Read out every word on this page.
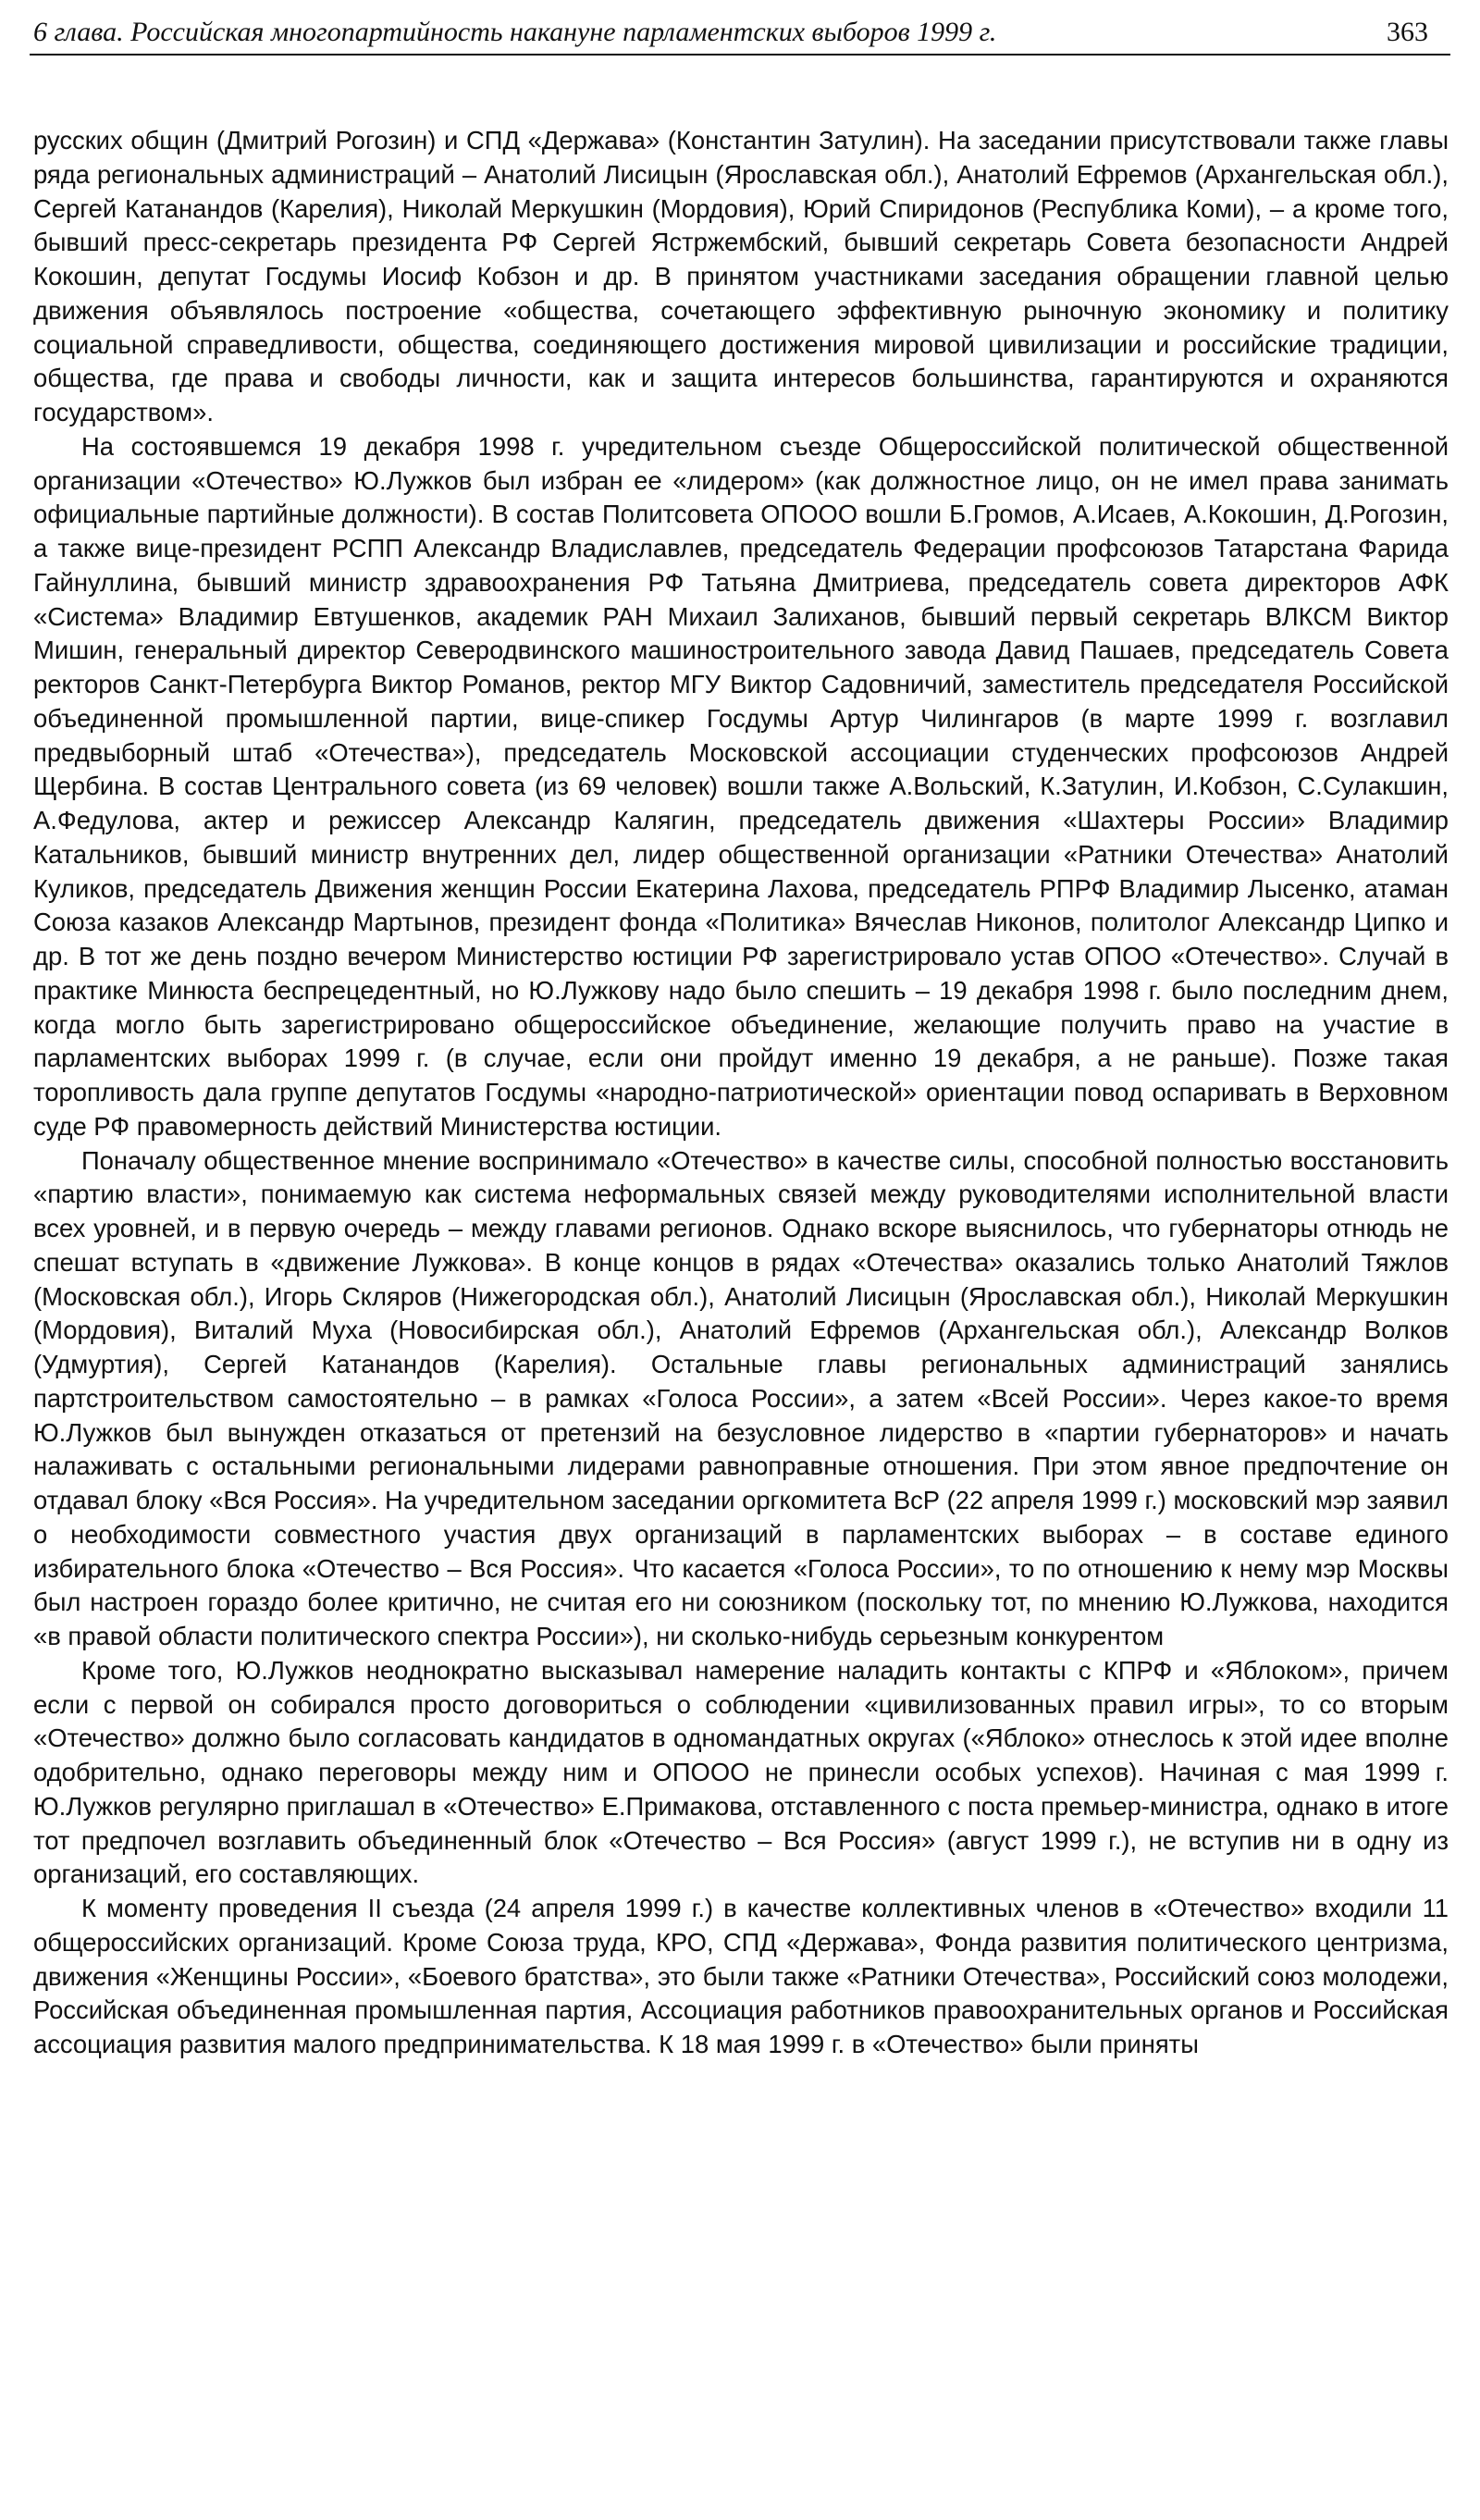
6 глава. Российская многопартийность накануне парламентских выборов 1999 г.	363

русских общин (Дмитрий Рогозин) и СПД «Держава» (Константин Затулин). На заседании присутствовали также главы ряда региональных администраций – Анатолий Лисицын (Ярославская обл.), Анатолий Ефремов (Архангельская обл.), Сергей Катанандов (Карелия), Николай Меркушкин (Мордовия), Юрий Спиридонов (Республика Коми), – а кроме того, бывший пресс-секретарь президента РФ Сергей Ястржембский, бывший секретарь Совета безопасности Андрей Кокошин, депутат Госдумы Иосиф Кобзон и др. В принятом участниками заседания обращении главной целью движения объявлялось построение «общества, сочетающего эффективную рыночную экономику и политику социальной справедливости, общества, соединяющего достижения мировой цивилизации и российские традиции, общества, где права и свободы личности, как и защита интересов большинства, гарантируются и охраняются государством».

На состоявшемся 19 декабря 1998 г. учредительном съезде Общероссийской политической общественной организации «Отечество» Ю.Лужков был избран ее «лидером» (как должностное лицо, он не имел права занимать официальные партийные должности). В состав Политсовета ОПООО вошли Б.Громов, А.Исаев, А.Кокошин, Д.Рогозин, а также вице-президент РСПП Александр Владиславлев, председатель Федерации профсоюзов Татарстана Фарида Гайнуллина, бывший министр здравоохранения РФ Татьяна Дмитриева, председатель совета директоров АФК «Система» Владимир Евтушенков, академик РАН Михаил Залиханов, бывший первый секретарь ВЛКСМ Виктор Мишин, генеральный директор Северодвинского машиностроительного завода Давид Пашаев, председатель Совета ректоров Санкт-Петербурга Виктор Романов, ректор МГУ Виктор Садовничий, заместитель председателя Российской объединенной промышленной партии, вице-спикер Госдумы Артур Чилингаров (в марте 1999 г. возглавил предвыборный штаб «Отечества»), председатель Московской ассоциации студенческих профсоюзов Андрей Щербина. В состав Центрального совета (из 69 человек) вошли также А.Вольский, К.Затулин, И.Кобзон, С.Сулакшин, А.Федулова, актер и режиссер Александр Калягин, председатель движения «Шахтеры России» Владимир Катальников, бывший министр внутренних дел, лидер общественной организации «Ратники Отечества» Анатолий Куликов, председатель Движения женщин России Екатерина Лахова, председатель РПРФ Владимир Лысенко, атаман Союза казаков Александр Мартынов, президент фонда «Политика» Вячеслав Никонов, политолог Александр Ципко и др. В тот же день поздно вечером Министерство юстиции РФ зарегистрировало устав ОПОО «Отечество». Случай в практике Минюста беспрецедентный, но Ю.Лужкову надо было спешить – 19 декабря 1998 г. было последним днем, когда могло быть зарегистрировано общероссийское объединение, желающие получить право на участие в парламентских выборах 1999 г. (в случае, если они пройдут именно 19 декабря, а не раньше). Позже такая торопливость дала группе депутатов Госдумы «народно-патриотической» ориентации повод оспаривать в Верховном суде РФ правомерность действий Министерства юстиции.

Поначалу общественное мнение воспринимало «Отечество» в качестве силы, способной полностью восстановить «партию власти», понимаемую как система неформальных связей между руководителями исполнительной власти всех уровней, и в первую очередь – между главами регионов. Однако вскоре выяснилось, что губернаторы отнюдь не спешат вступать в «движение Лужкова». В конце концов в рядах «Отечества» оказались только Анатолий Тяжлов (Московская обл.), Игорь Скляров (Нижегородская обл.), Анатолий Лисицын (Ярославская обл.), Николай Меркушкин (Мордовия), Виталий Муха (Новосибирская обл.), Анатолий Ефремов (Архангельская обл.), Александр Волков (Удмуртия), Сергей Катанандов (Карелия). Остальные главы региональных администраций занялись партстроительством самостоятельно – в рамках «Голоса России», а затем «Всей России». Через какое-то время Ю.Лужков был вынужден отказаться от претензий на безусловное лидерство в «партии губернаторов» и начать налаживать с остальными региональными лидерами равноправные отношения. При этом явное предпочтение он отдавал блоку «Вся Россия». На учредительном заседании оргкомитета ВсР (22 апреля 1999 г.) московский мэр заявил о необходимости совместного участия двух организаций в парламентских выборах – в составе единого избирательного блока «Отечество – Вся Россия». Что касается «Голоса России», то по отношению к нему мэр Москвы был настроен гораздо более критично, не считая его ни союзником (поскольку тот, по мнению Ю.Лужкова, находится «в правой области политического спектра России»), ни сколько-нибудь серьезным конкурентом

Кроме того, Ю.Лужков неоднократно высказывал намерение наладить контакты с КПРФ и «Яблоком», причем если с первой он собирался просто договориться о соблюдении «цивилизованных правил игры», то со вторым «Отечество» должно было согласовать кандидатов в одномандатных округах («Яблоко» отнеслось к этой идее вполне одобрительно, однако переговоры между ним и ОПООО не принесли особых успехов). Начиная с мая 1999 г. Ю.Лужков регулярно приглашал в «Отечество» Е.Примакова, отставленного с поста премьер-министра, однако в итоге тот предпочел возглавить объединенный блок «Отечество – Вся Россия» (август 1999 г.), не вступив ни в одну из организаций, его составляющих.

К моменту проведения II съезда (24 апреля 1999 г.) в качестве коллективных членов в «Отечество» входили 11 общероссийских организаций. Кроме Союза труда, КРО, СПД «Держава», Фонда развития политического центризма, движения «Женщины России», «Боевого братства», это были также «Ратники Отечества», Российский союз молодежи, Российская объединенная промышленная партия, Ассоциация работников правоохранительных органов и Российская ассоциация развития малого предпринимательства. К 18 мая 1999 г. в «Отечество» были приняты
